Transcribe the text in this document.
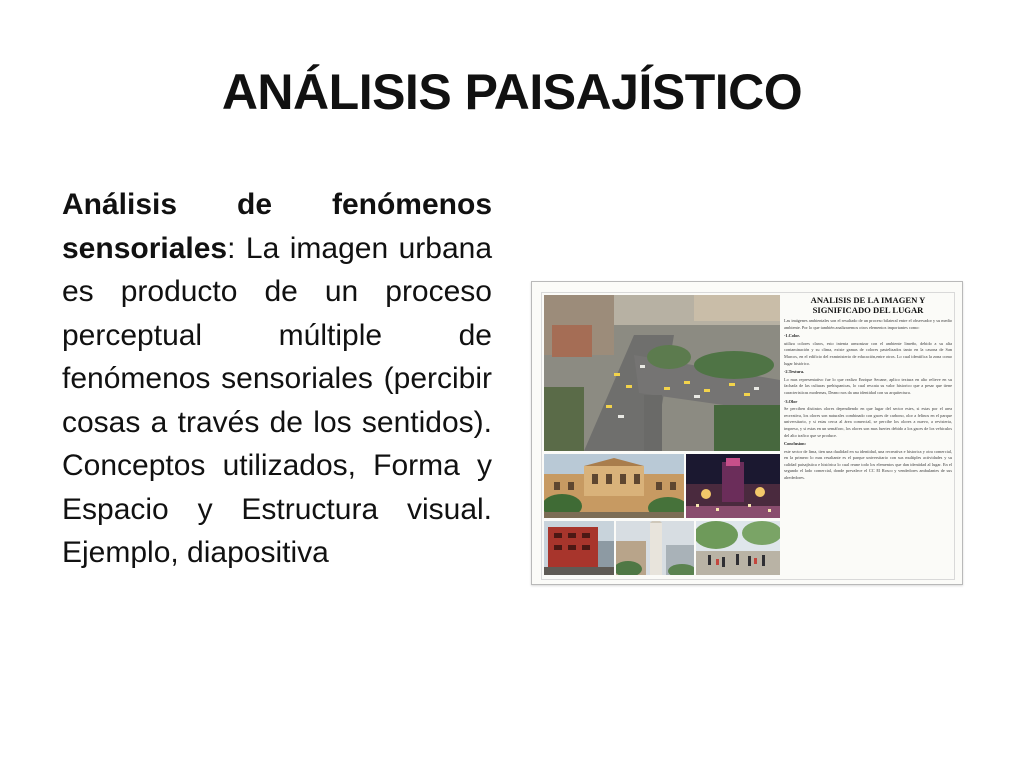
ANÁLISIS PAISAJÍSTICO
Análisis de fenómenos sensoriales: La imagen urbana es producto de un proceso perceptual múltiple de fenómenos sensoriales (percibir cosas a través de los sentidos). Conceptos utilizados, Forma y Espacio y Estructura visual. Ejemplo, diapositiva
ANALISIS DE LA IMAGEN Y SIGNIFICADO DEL LUGAR

Las imágenes ambientales son el resultado de un proceso bilateral entre el observador y su medio ambiente. Por lo que también analizaremos otros elementos importantes como:

-1.Color.

utiliza colores claros, esto intenta armonizar con el ambiente limeño, debido a su alta contaminación y su clima, existe gamas de colores pastelizados tanto en la casona de San Marcos, en el edificio del exministerio de educación,entre otros. Lo cual identifica la zona como lugar histórico.

-2.Textura.

Lo mas representativo fue lo que realizo Enrique Seoane, aplico textura en alto relieve en su fachada de las culturas prehispanicas, lo cual rescata su valor historico que a pesar que tiene caracteristicas modernas, Deano nos da una identidad con su arquitectura.

-3.Olor

Se perciben distintos olores dependiendo en que lugar del sector estes, si estas por el area recreativa, los olores son naturales combinado con gaces de carbono, olor a felinos en el parque universitario, y si estas cerca al área comercial, se percibe los olores a nuevo, a revisteria, impreso, y si estas en un semáforo, los olores son mas fuertes debido a los gaces de los vehiculos del alto trafico que se produce.

Conclusion:

este sector de lima, tien una dualidad en su identidad, una recreativa e historica y otra comercial, en la primero lo mas resaltante es el parque universitario con sus multiples actividades y su calidad paisajística e histórica lo cual reune todo los elementos que dan identidad al lugar. En el segundo el lado comercial, donde prevalece el CC El Rosco y vendedores ambulantes de sus alrededores.
